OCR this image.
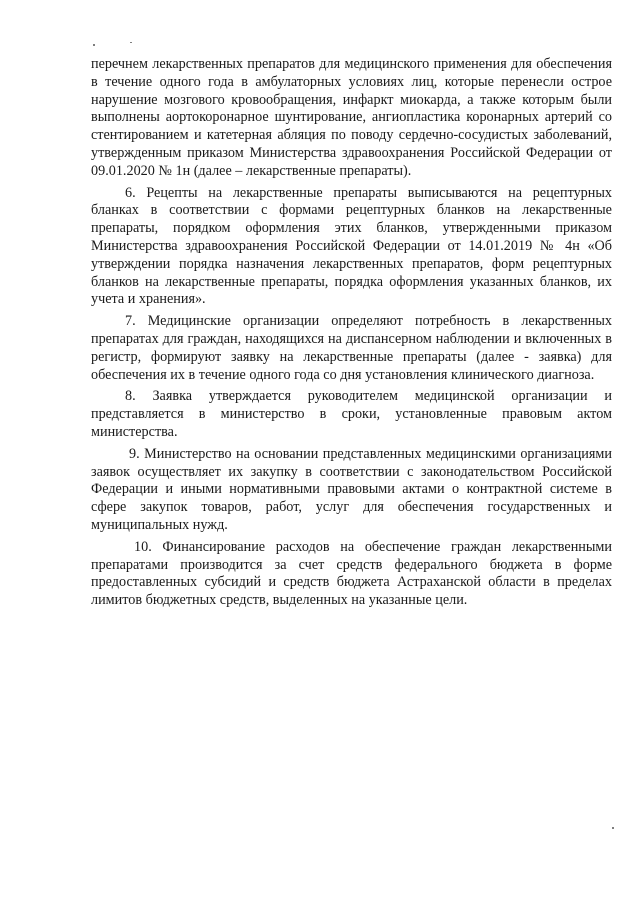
перечнем лекарственных препаратов для медицинского применения для обеспечения в течение одного года в амбулаторных условиях лиц, которые перенесли острое нарушение мозгового кровообращения, инфаркт миокарда, а также которым были выполнены аортокоронарное шунтирование, ангиопластика коронарных артерий со стентированием и катетерная абляция по поводу сердечно-сосудистых заболеваний, утвержденным приказом Министерства здравоохранения Российской Федерации от 09.01.2020 № 1н (далее – лекарственные препараты).

6. Рецепты на лекарственные препараты выписываются на рецептурных бланках в соответствии с формами рецептурных бланков на лекарственные препараты, порядком оформления этих бланков, утвержденными приказом Министерства здравоохранения Российской Федерации от 14.01.2019 № 4н «Об утверждении порядка назначения лекарственных препаратов, форм рецептурных бланков на лекарственные препараты, порядка оформления указанных бланков, их учета и хранения».

7. Медицинские организации определяют потребность в лекарственных препаратах для граждан, находящихся на диспансерном наблюдении и включенных в регистр, формируют заявку на лекарственные препараты (далее - заявка) для обеспечения их в течение одного года со дня установления клинического диагноза.

8. Заявка утверждается руководителем медицинской организации и представляется в министерство в сроки, установленные правовым актом министерства.

9. Министерство на основании представленных медицинскими организациями заявок осуществляет их закупку в соответствии с законодательством Российской Федерации и иными нормативными правовыми актами о контрактной системе в сфере закупок товаров, работ, услуг для обеспечения государственных и муниципальных нужд.

10. Финансирование расходов на обеспечение граждан лекарственными препаратами производится за счет средств федерального бюджета в форме предоставленных субсидий и средств бюджета Астраханской области в пределах лимитов бюджетных средств, выделенных на указанные цели.
